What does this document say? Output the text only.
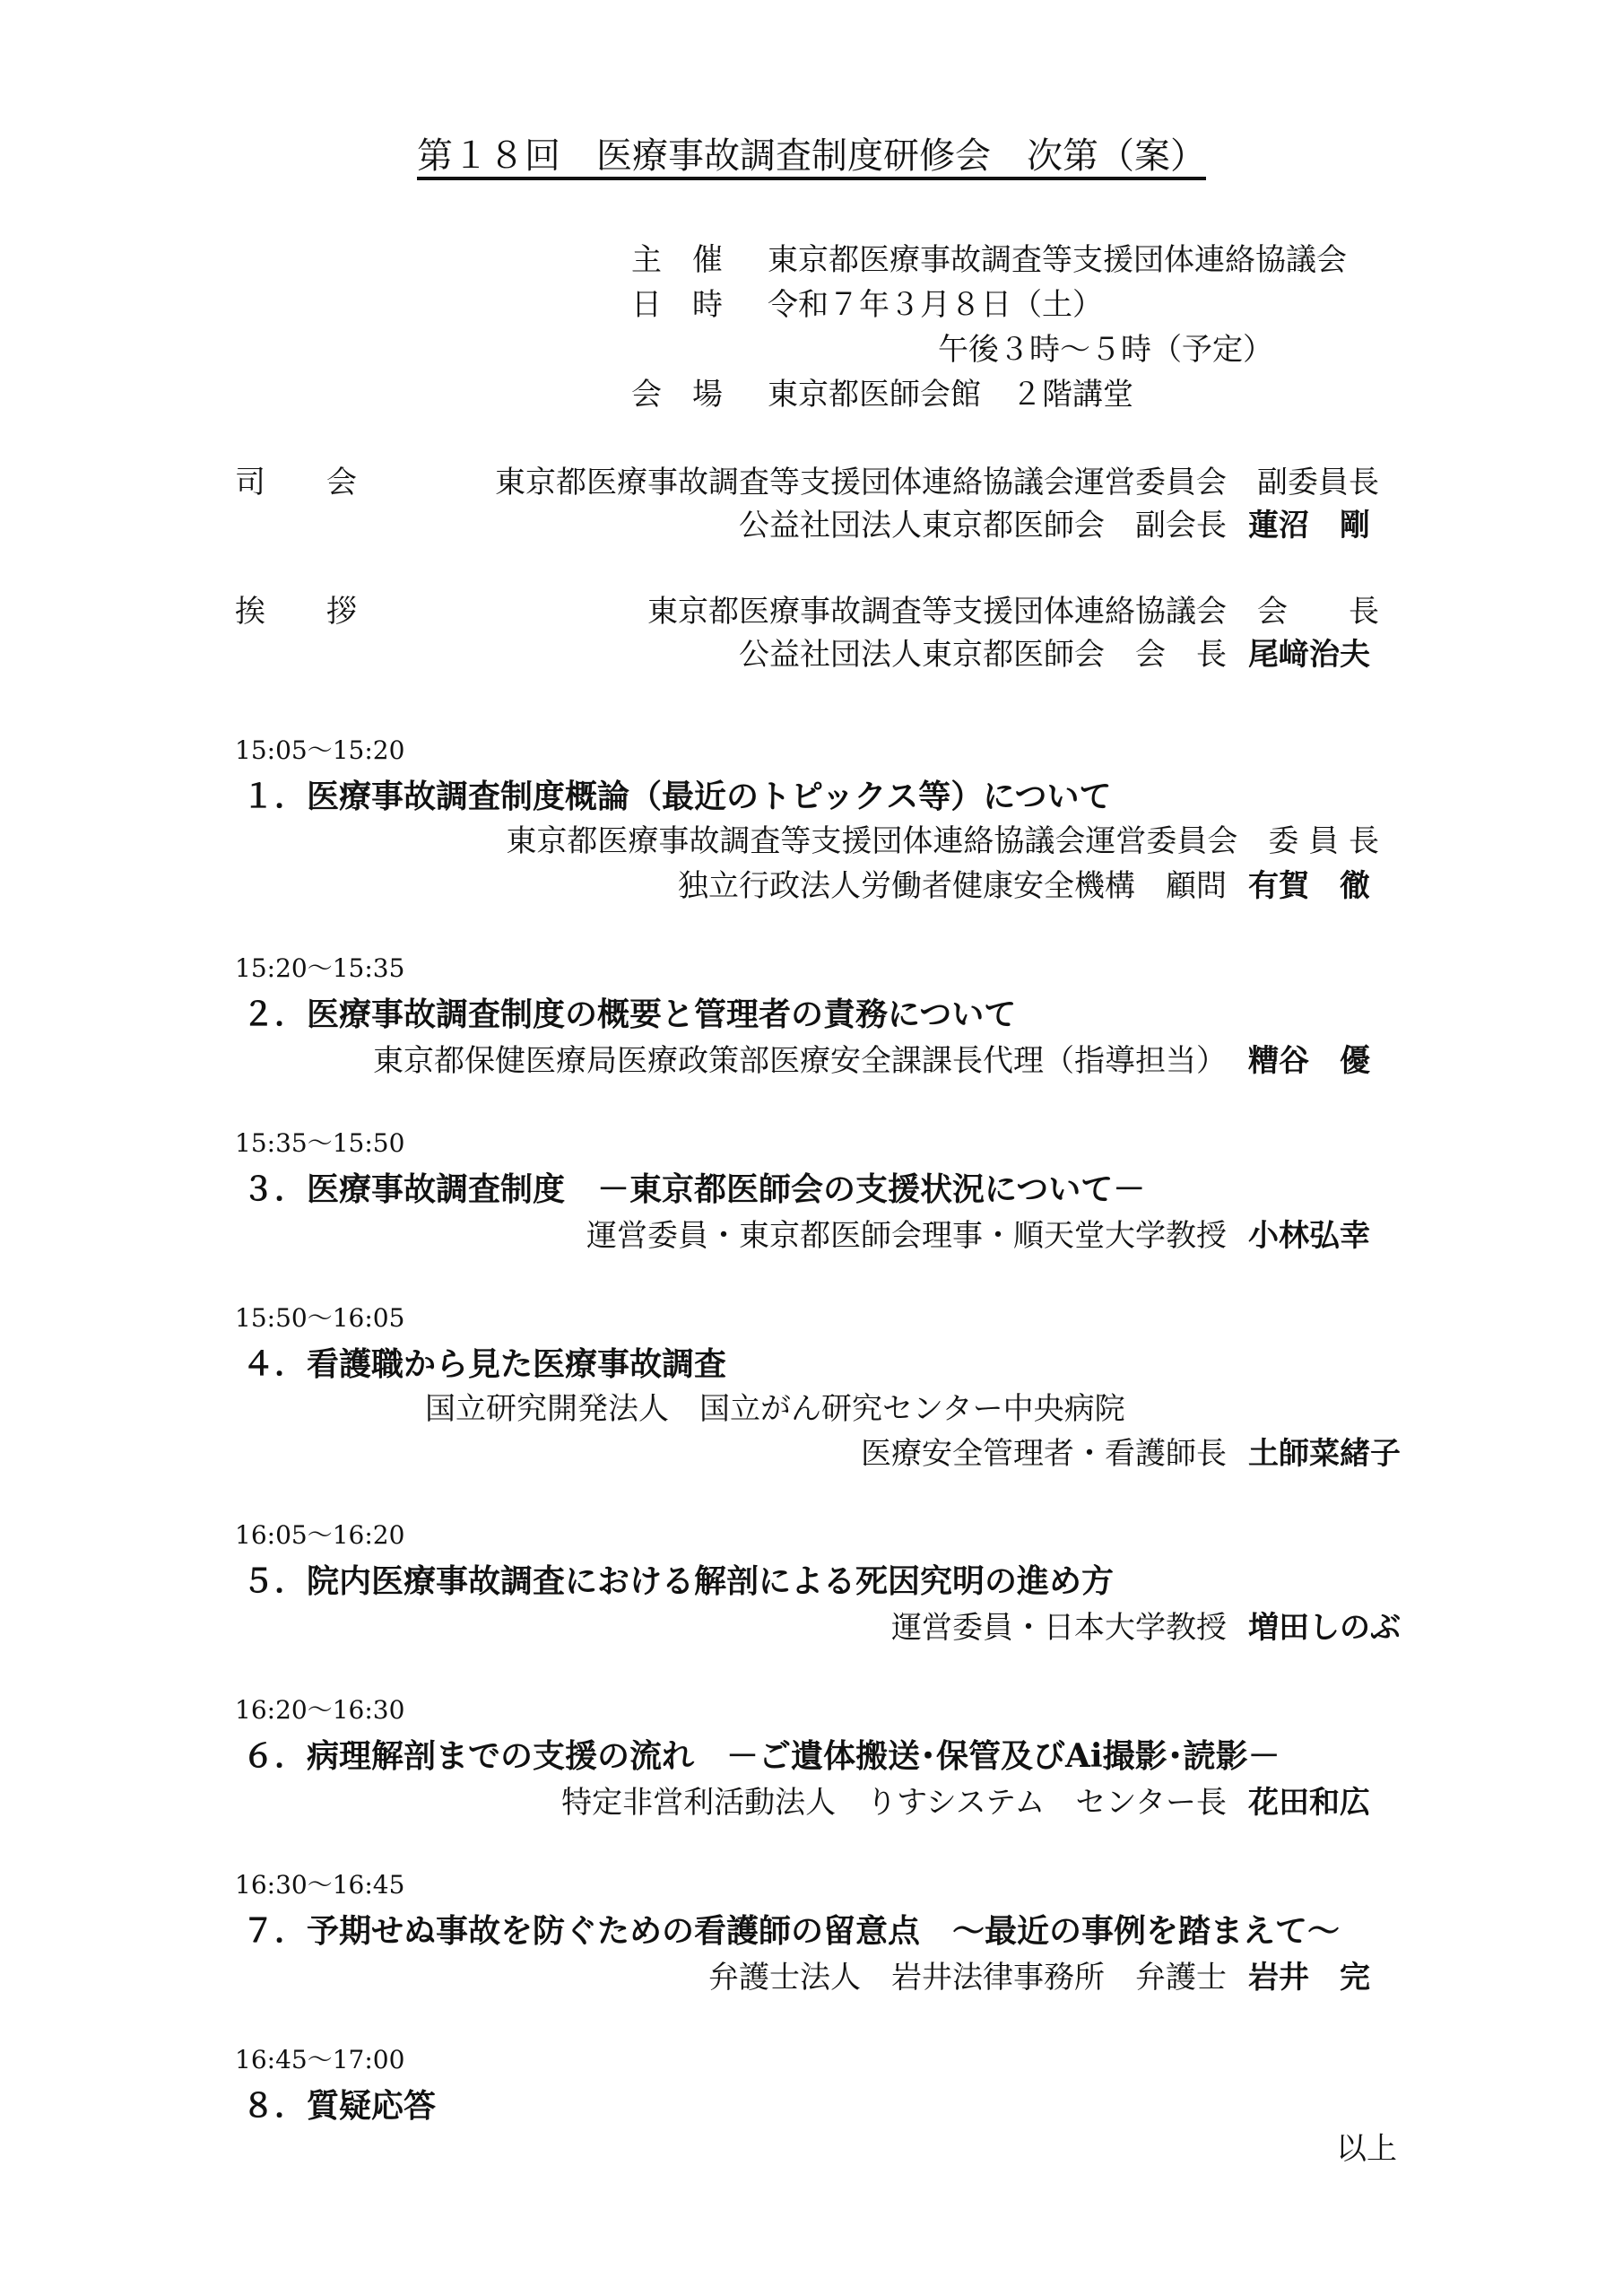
第１８回　医療事故調査制度研修会　次第（案）
主　催 東京都医療事故調査等支援団体連絡協議会
日　時 令和７年３月８日（土）
午後３時～５時（予定）
会　場 東京都医師会館　２階講堂
司　　会	東京都医療事故調査等支援団体連絡協議会運営委員会　副委員長
公益社団法人東京都医師会　副会長 蓮沼　剛
挨　　拶	東京都医療事故調査等支援団体連絡協議会　会　　長
公益社団法人東京都医師会　会　長 尾﨑治夫
15:05～15:20
１．医療事故調査制度概論（最近のトピックス等）について
東京都医療事故調査等支援団体連絡協議会運営委員会　委 員 長
独立行政法人労働者健康安全機構　顧問 有賀　徹
15:20～15:35
２．医療事故調査制度の概要と管理者の責務について
東京都保健医療局医療政策部医療安全課課長代理（指導担当） 糟谷　優
15:35～15:50
３．医療事故調査制度　－東京都医師会の支援状況について－
運営委員・東京都医師会理事・順天堂大学教授 小林弘幸
15:50～16:05
４．看護職から見た医療事故調査
国立研究開発法人　国立がん研究センター中央病院
医療安全管理者・看護師長 土師菜緒子
16:05～16:20
５．院内医療事故調査における解剖による死因究明の進め方
運営委員・日本大学教授 増田しのぶ
16:20～16:30
６．病理解剖までの支援の流れ　－ご遺体搬送･保管及びAi撮影･読影－
特定非営利活動法人　りすシステム　センター長 花田和広
16:30～16:45
７．予期せぬ事故を防ぐための看護師の留意点　～最近の事例を踏まえて～
弁護士法人　岩井法律事務所　弁護士 岩井　完
16:45～17:00
８．質疑応答
以上
